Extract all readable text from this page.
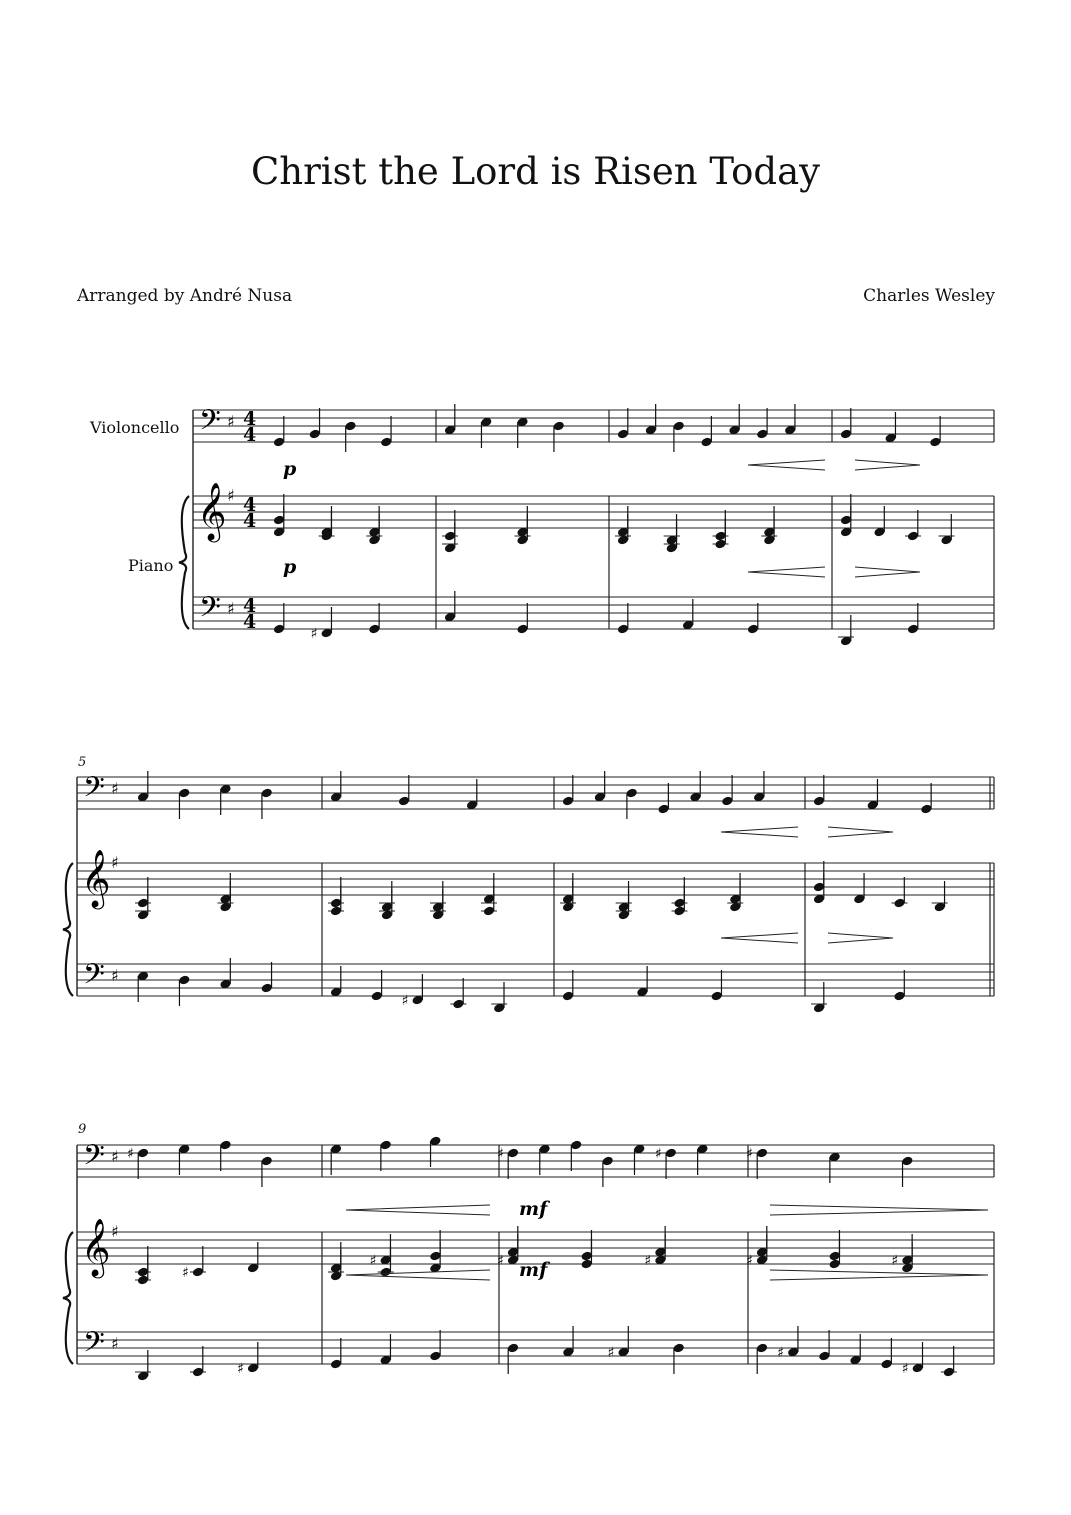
Christ the Lord is Risen Today
Arranged by André Nusa	Charles Wesley
Violoncello
Piano
5
9
𝄢 ♯
𝄞 ♯
𝄢 ♯
4
4
4
4
4
4
𝄢 ♯
𝄞 ♯
𝄢 ♯
𝄢 ♯
𝄞 ♯
𝄢 ♯
♯
♯
♯
♯
♯
♯
♯	♯
♯	♯
♯
♯
♯	♯
♯
♯
p
p
mf
mf
